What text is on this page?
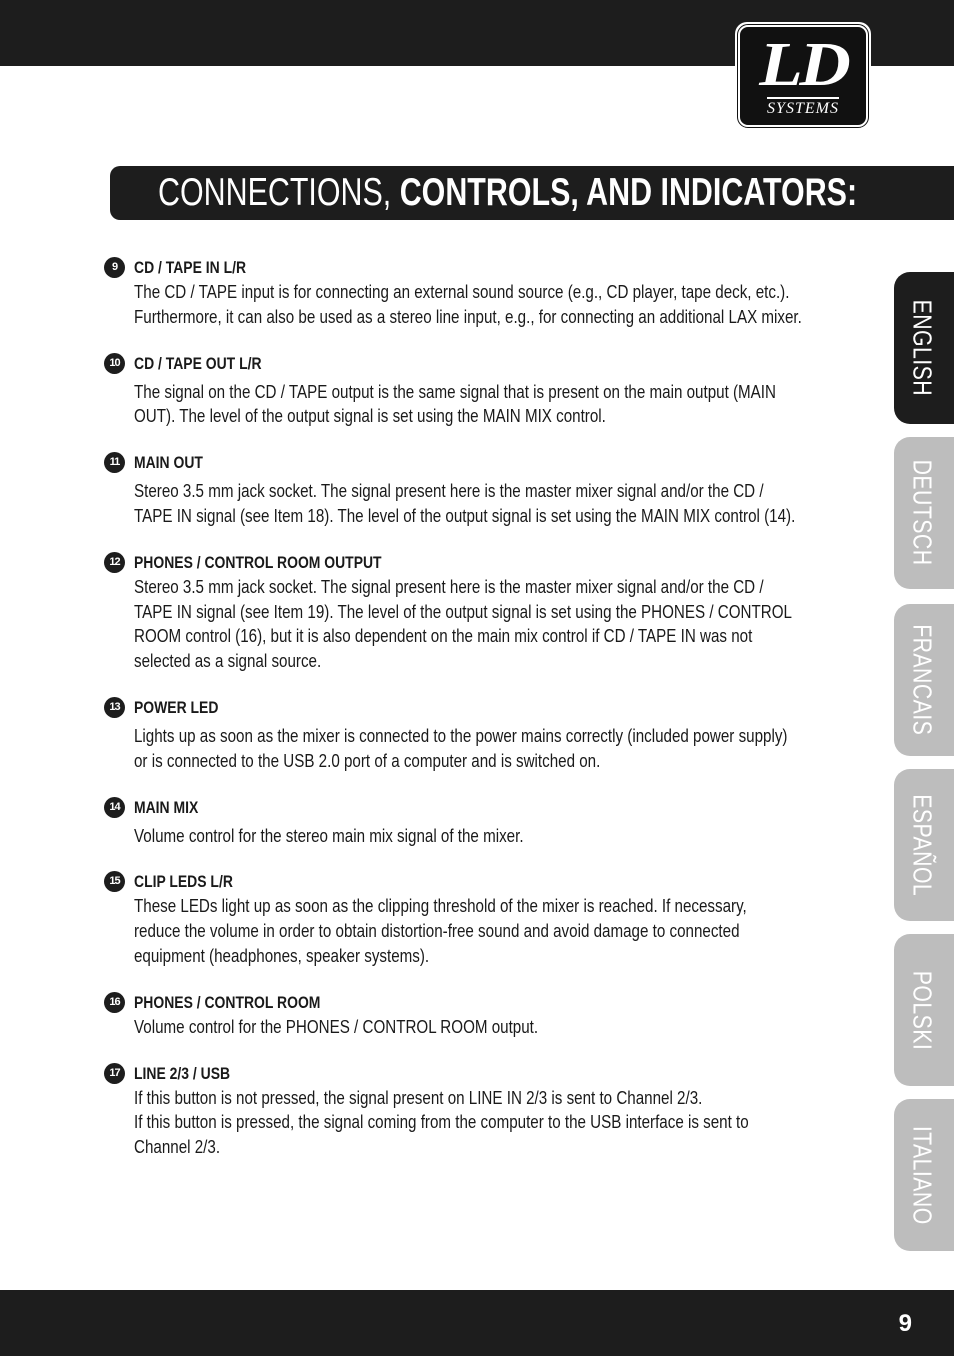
LD
SYSTEMS
CONNECTIONS, CONTROLS, AND INDICATORS:
9 CD / TAPE IN L/R
The CD / TAPE input is for connecting an external sound source (e.g., CD player, tape deck, etc.).
Furthermore, it can also be used as a stereo line input, e.g., for connecting an additional LAX mixer.
10 CD / TAPE OUT L/R
The signal on the CD / TAPE output is the same signal that is present on the main output (MAIN
OUT). The level of the output signal is set using the MAIN MIX control.
11 MAIN OUT
Stereo 3.5 mm jack socket. The signal present here is the master mixer signal and/or the CD /
TAPE IN signal (see Item 18). The level of the output signal is set using the MAIN MIX control (14).
12 PHONES / CONTROL ROOM OUTPUT
Stereo 3.5 mm jack socket. The signal present here is the master mixer signal and/or the CD /
TAPE IN signal (see Item 19). The level of the output signal is set using the PHONES / CONTROL
ROOM control (16), but it is also dependent on the main mix control if CD / TAPE IN was not
selected as a signal source.
13 POWER LED
Lights up as soon as the mixer is connected to the power mains correctly (included power supply)
or is connected to the USB 2.0 port of a computer and is switched on.
14 MAIN MIX
Volume control for the stereo main mix signal of the mixer.
15 CLIP LEDS L/R
These LEDs light up as soon as the clipping threshold of the mixer is reached. If necessary,
reduce the volume in order to obtain distortion-free sound and avoid damage to connected
equipment (headphones, speaker systems).
16 PHONES / CONTROL ROOM
Volume control for the PHONES / CONTROL ROOM output.
17 LINE 2/3 / USB
If this button is not pressed, the signal present on LINE IN 2/3 is sent to Channel 2/3.
If this button is pressed, the signal coming from the computer to the USB interface is sent to
Channel 2/3.
ENGLISH
DEUTSCH
FRANCAIS
ESPAÑOL
POLSKI
ITALIANO
9
